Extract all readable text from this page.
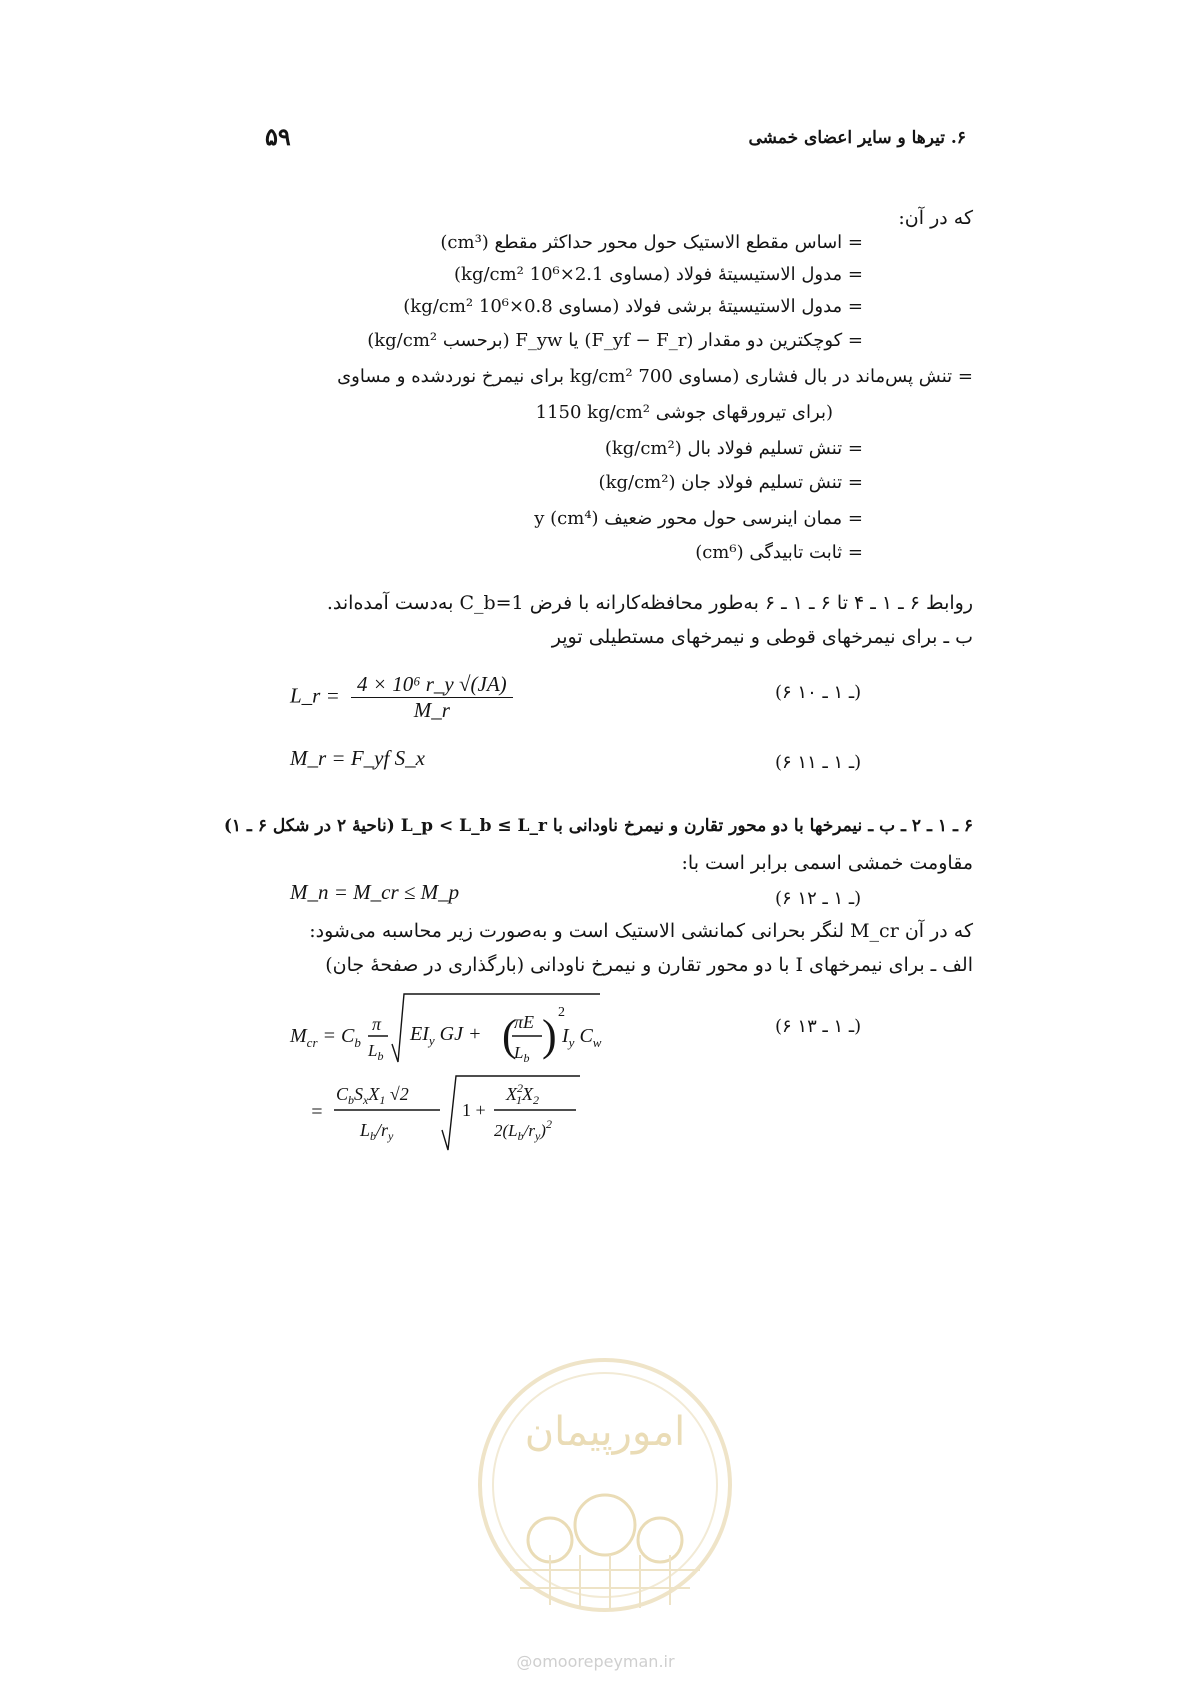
۵۹	۶. تیرها و سایر اعضای خمشی
که در آن:
= اساس مقطع الاستیک حول محور حداکثر مقطع (cm³)
= مدول الاستیسیتهٔ فولاد (مساوی 2.1×10⁶ kg/cm²)
= مدول الاستیسیتهٔ برشی فولاد (مساوی 0.8×10⁶ kg/cm²)
= کوچکترین دو مقدار (F_yf − F_r) یا F_yw (برحسب kg/cm²)
= تنش پس‌ماند در بال فشاری (مساوی 700 kg/cm² برای نیمرخ نوردشده و مساوی
1150 kg/cm² برای تیرورقهای جوشی)
= تنش تسلیم فولاد بال (kg/cm²)
= تنش تسلیم فولاد جان (kg/cm²)
= ممان اینرسی حول محور ضعیف y (cm⁴)
= ثابت تابیدگی (cm⁶)
روابط ۶ ـ ۱ ـ ۴ تا ۶ ـ ۱ ـ ۶ به‌طور محافظه‌کارانه با فرض C_b=1 به‌دست آمده‌اند.
ب ـ برای نیمرخهای قوطی و نیمرخهای مستطیلی توپر
L_r = $\frac{\text{4 × 10⁶ r\_y √(JA)}}{M\_r}$	(۶ ـ ۱ ـ ۱۰)
M_r = F_yf S_x	(۶ ـ ۱ ـ ۱۱)
۶ ـ ۱ ـ ۲ ـ ب ـ نیمرخها با دو محور تقارن و نیمرخ ناودانی با L_p < L_b ≤ L_r (ناحیهٔ ۲ در شکل ۶ ـ ۱)
مقاومت خمشی اسمی برابر است با:
M_n = M_cr ≤ M_p	(۶ ـ ۱ ـ ۱۲)
که در آن M_cr لنگر بحرانی کمانشی الاستیک است و به‌صورت زیر محاسبه می‌شود:
الف ـ برای نیمرخهای I با دو محور تقارن و نیمرخ ناودانی (بارگذاری در صفحهٔ جان)
$M_{cr} = C_b$
π
$L_b$
$EI_y$ GJ + (
πE
$L_b$ ) 2
$I_y$ $C_w$
=
$C_bS_xX_1$ √2
$L_b/r_y$
1 +
$X^2$ $1X_2$
$2(L_b/r_y)^2$
(۶ ـ ۱ ـ ۱۳)
امورپیمان
@omoorepeyman.ir
